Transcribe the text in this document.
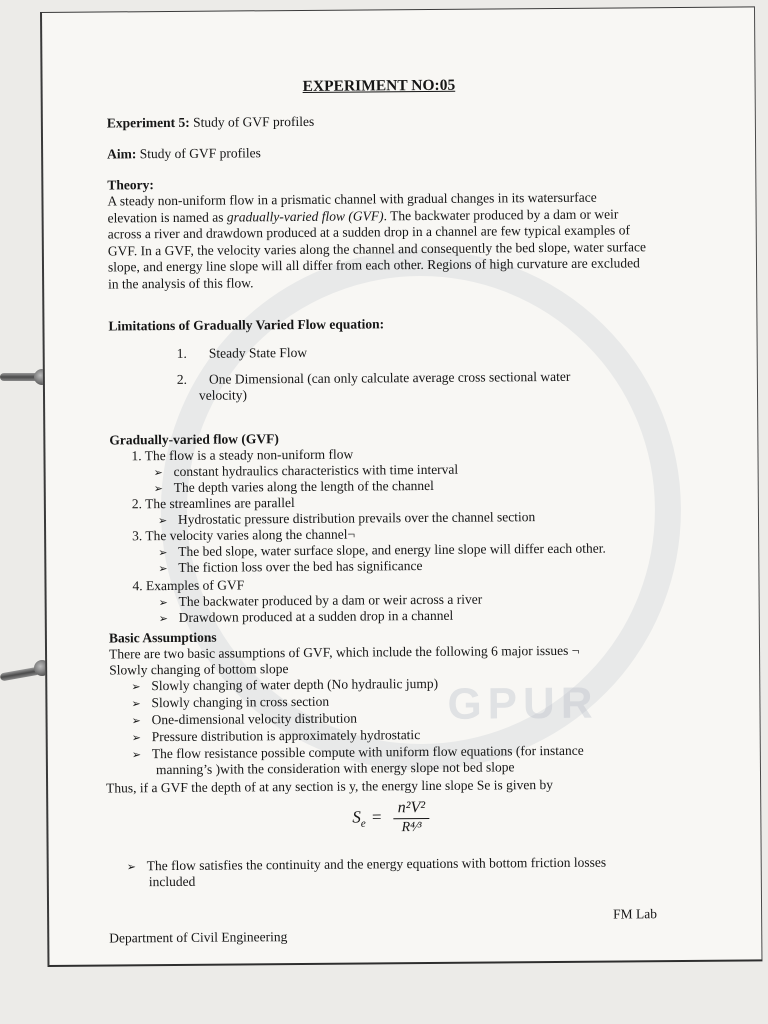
GPUR
EXPERIMENT NO:05
Experiment 5: Study of GVF profiles
Aim: Study of GVF profiles
Theory:
A steady non-uniform flow in a prismatic channel with gradual changes in its watersurface elevation is named as gradually-varied flow (GVF). The backwater produced by a dam or weir across a river and drawdown produced at a sudden drop in a channel are few typical examples of GVF. In a GVF, the velocity varies along the channel and consequently the bed slope, water surface slope, and energy line slope will all differ from each other. Regions of high curvature are excluded in the analysis of this flow.
Limitations of Gradually Varied Flow equation:
1. Steady State Flow
2. One Dimensional (can only calculate average cross sectional water
velocity)
Gradually-varied flow (GVF)
1. The flow is a steady non-uniform flow
➢ constant hydraulics characteristics with time interval
➢ The depth varies along the length of the channel
2. The streamlines are parallel
➢ Hydrostatic pressure distribution prevails over the channel section
3. The velocity varies along the channel¬
➢ The bed slope, water surface slope, and energy line slope will differ each other.
➢ The fiction loss over the bed has significance
4. Examples of GVF
➢ The backwater produced by a dam or weir across a river
➢ Drawdown produced at a sudden drop in a channel
Basic Assumptions
There are two basic assumptions of GVF, which include the following 6 major issues ¬
Slowly changing of bottom slope
➢ Slowly changing of water depth (No hydraulic jump)
➢ Slowly changing in cross section
➢ One-dimensional velocity distribution
➢ Pressure distribution is approximately hydrostatic
➢ The flow resistance possible compute with uniform flow equations (for instance
manning’s )with the consideration with energy slope not bed slope
Thus, if a GVF the depth of at any section is y, the energy line slope Se is given by
$S_e = \frac{\text{n²V²}}{\text{R⁴⁄³}}$
➢ The flow satisfies the continuity and the energy equations with bottom friction losses
included
Department of Civil Engineering
FM Lab
